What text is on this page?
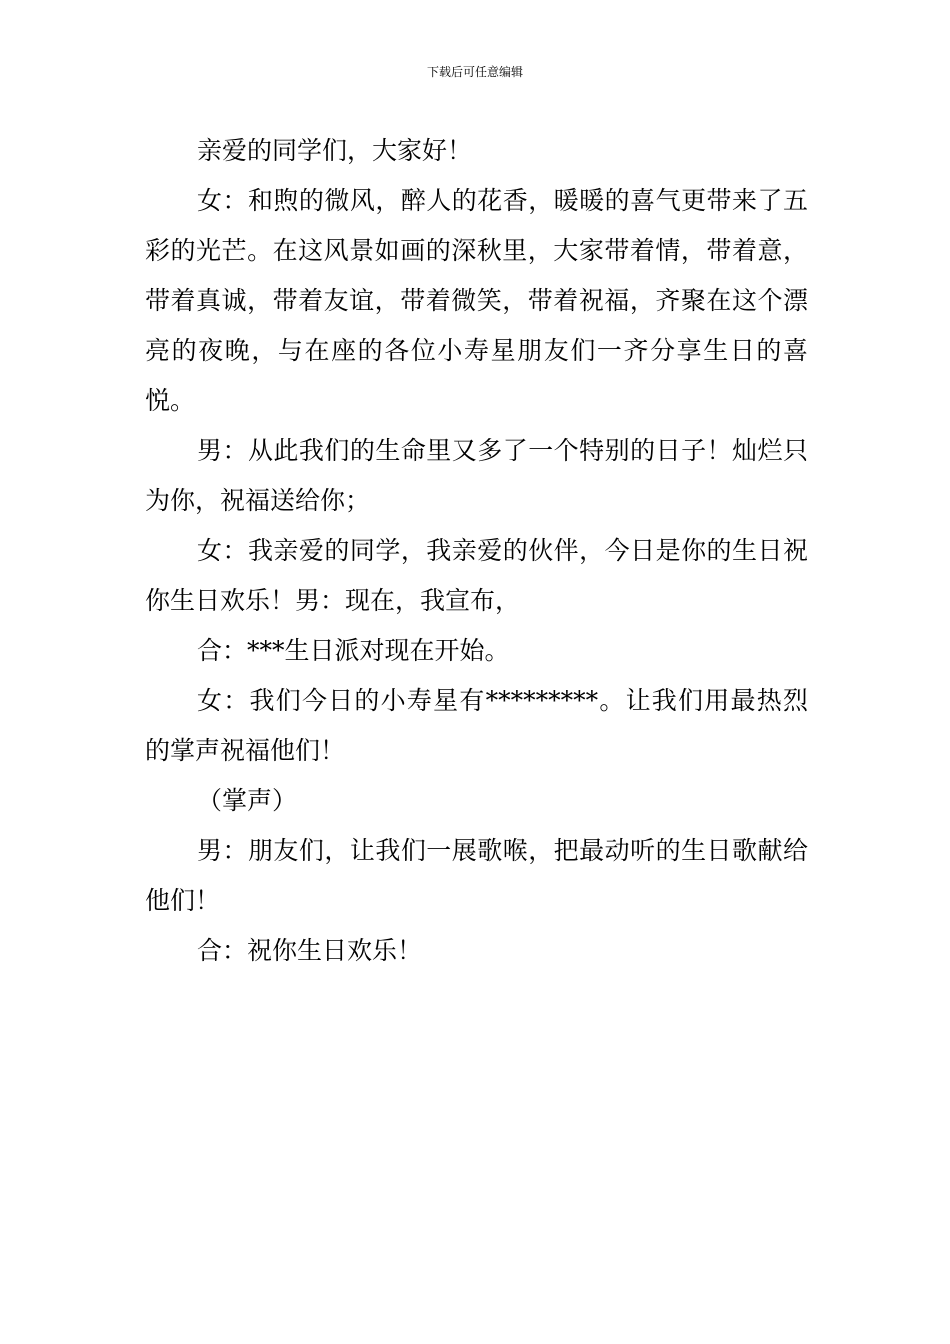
下载后可任意编辑

亲爱的同学们，大家好！

女：和煦的微风，醉人的花香，暖暖的喜气更带来了五彩的光芒。在这风景如画的深秋里，大家带着情，带着意，带着真诚，带着友谊，带着微笑，带着祝福，齐聚在这个漂亮的夜晚，与在座的各位小寿星朋友们一齐分享生日的喜悦。

男：从此我们的生命里又多了一个特别的日子！灿烂只为你，祝福送给你；

女：我亲爱的同学，我亲爱的伙伴，今日是你的生日祝你生日欢乐！男：现在，我宣布，

合：***生日派对现在开始。

女：我们今日的小寿星有*********。让我们用最热烈的掌声祝福他们！

（掌声）

男：朋友们，让我们一展歌喉，把最动听的生日歌献给他们！

合：祝你生日欢乐！
